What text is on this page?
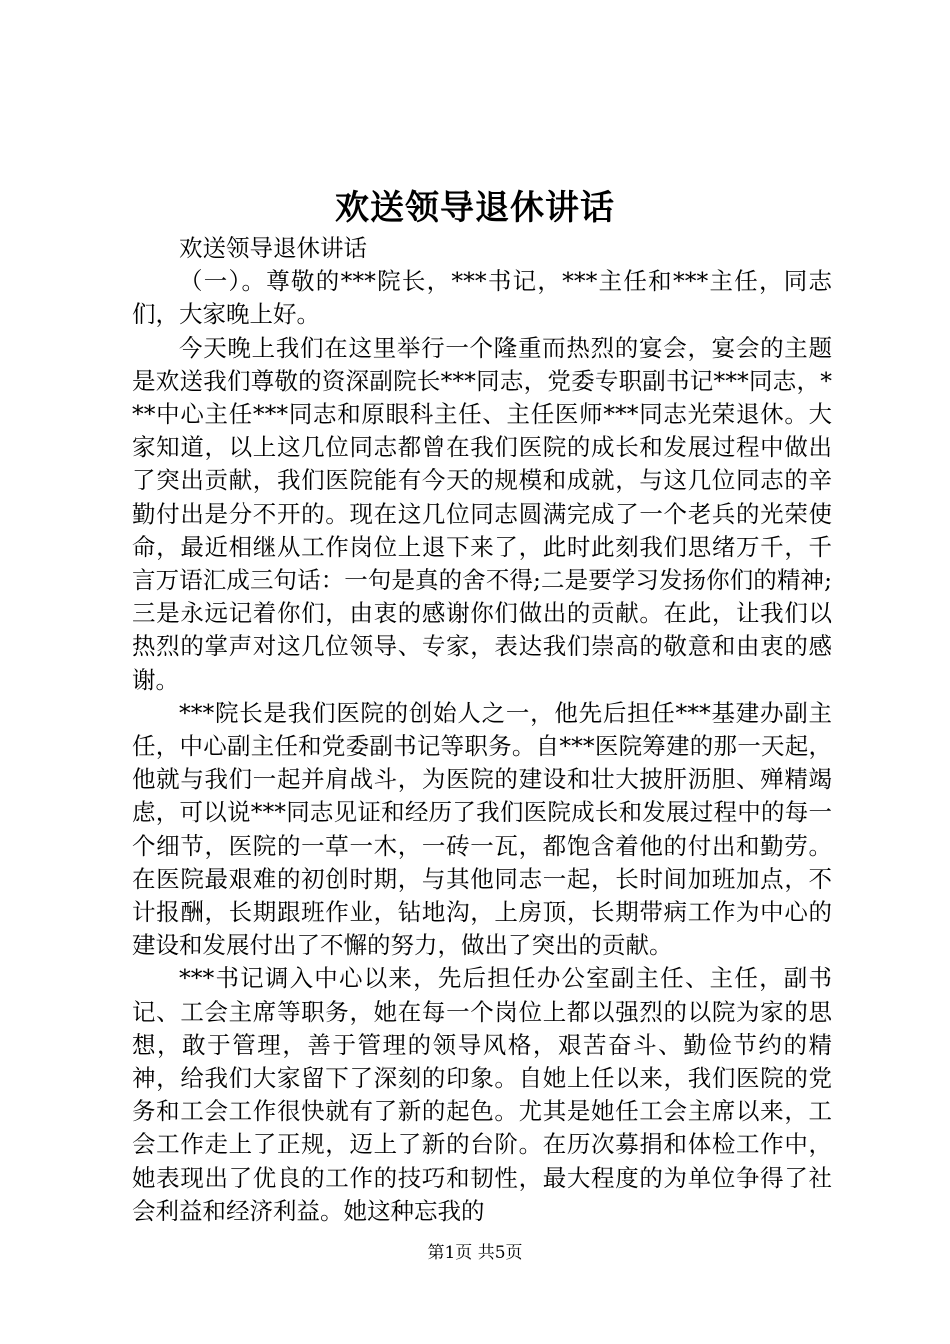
欢送领导退休讲话

欢送领导退休讲话

（一）。尊敬的***院长，***书记，***主任和***主任，同志们，大家晚上好。

今天晚上我们在这里举行一个隆重而热烈的宴会，宴会的主题是欢送我们尊敬的资深副院长***同志，党委专职副书记***同志，***中心主任***同志和原眼科主任、主任医师***同志光荣退休。大家知道，以上这几位同志都曾在我们医院的成长和发展过程中做出了突出贡献，我们医院能有今天的规模和成就，与这几位同志的辛勤付出是分不开的。现在这几位同志圆满完成了一个老兵的光荣使命，最近相继从工作岗位上退下来了，此时此刻我们思绪万千，千言万语汇成三句话：一句是真的舍不得;二是要学习发扬你们的精神;三是永远记着你们，由衷的感谢你们做出的贡献。在此，让我们以热烈的掌声对这几位领导、专家，表达我们崇高的敬意和由衷的感谢。

***院长是我们医院的创始人之一，他先后担任***基建办副主任，中心副主任和党委副书记等职务。自***医院筹建的那一天起，他就与我们一起并肩战斗，为医院的建设和壮大披肝沥胆、殚精竭虑，可以说***同志见证和经历了我们医院成长和发展过程中的每一个细节，医院的一草一木，一砖一瓦，都饱含着他的付出和勤劳。在医院最艰难的初创时期，与其他同志一起，长时间加班加点，不计报酬，长期跟班作业，钻地沟，上房顶，长期带病工作为中心的建设和发展付出了不懈的努力，做出了突出的贡献。

***书记调入中心以来，先后担任办公室副主任、主任，副书记、工会主席等职务，她在每一个岗位上都以强烈的以院为家的思想，敢于管理，善于管理的领导风格，艰苦奋斗、勤俭节约的精神，给我们大家留下了深刻的印象。自她上任以来，我们医院的党务和工会工作很快就有了新的起色。尤其是她任工会主席以来，工会工作走上了正规，迈上了新的台阶。在历次募捐和体检工作中，她表现出了优良的工作的技巧和韧性，最大程度的为单位争得了社会利益和经济利益。她这种忘我的

第1页 共5页
